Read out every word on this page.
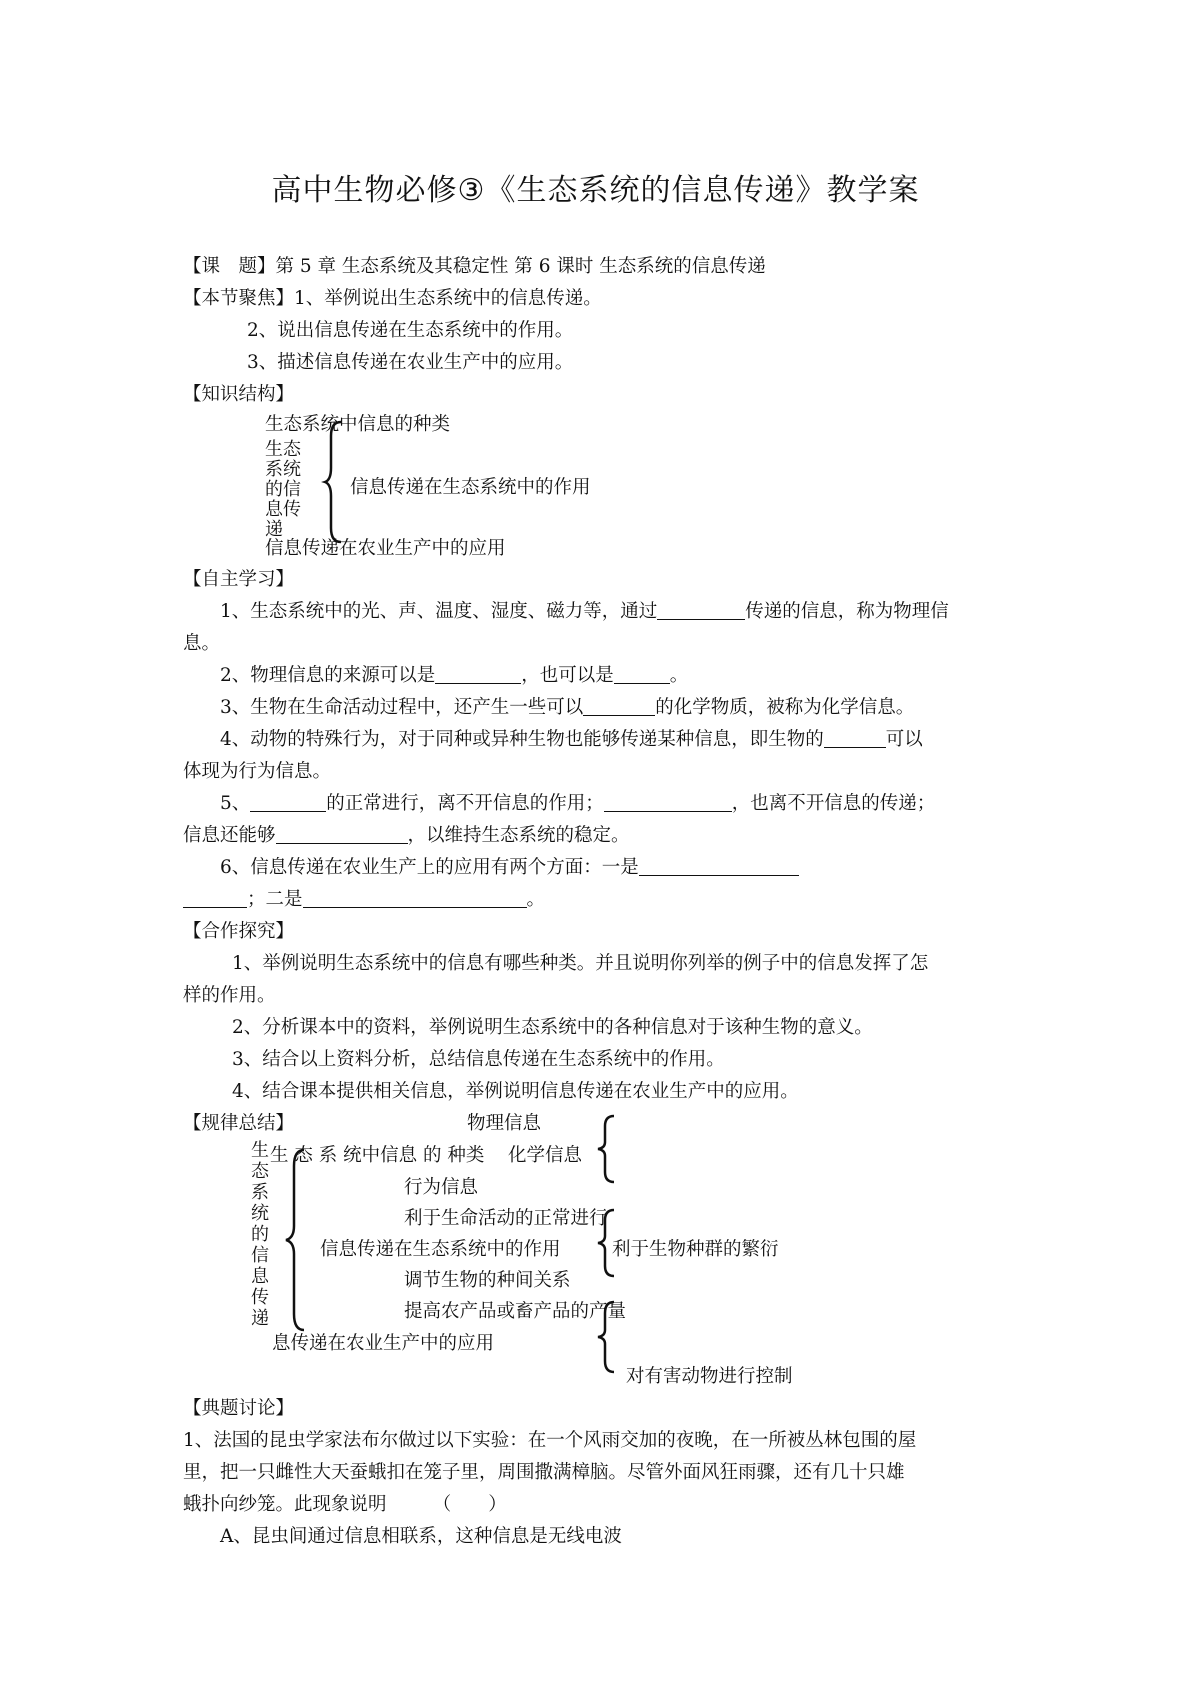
高中生物必修③《生态系统的信息传递》教学案
【课　题】第 5 章 生态系统及其稳定性 第 6 课时 生态系统的信息传递
【本节聚焦】1、举例说出生态系统中的信息传递。
2、说出信息传递在生态系统中的作用。
3、描述信息传递在农业生产中的应用。
【知识结构】
生态系统中信息的种类
生态系统的信息传递
信息传递在生态系统中的作用
信息传递在农业生产中的应用
【自主学习】
1、生态系统中的光、声、温度、湿度、磁力等，通过	传递的信息，称为物理信
息。
2、物理信息的来源可以是	，也可以是	。
3、生物在生命活动过程中，还产生一些可以	的化学物质，被称为化学信息。
4、动物的特殊行为，对于同种或异种生物也能够传递某种信息，即生物的	可以
体现为行为信息。
5、	的正常进行，离不开信息的作用；	，也离不开信息的传递；
信息还能够	，以维持生态系统的稳定。
6、信息传递在农业生产上的应用有两个方面：一是
；二是	。
【合作探究】
1、举例说明生态系统中的信息有哪些种类。并且说明你列举的例子中的信息发挥了怎
样的作用。
2、分析课本中的资料，举例说明生态系统中的各种信息对于该种生物的意义。
3、结合以上资料分析，总结信息传递在生态系统中的作用。
4、结合课本提供相关信息，举例说明信息传递在农业生产中的应用。
【规律总结】	物理信息
生态系统的信息传递
生 态 系 统中信息 的 种类 化学信息
行为信息
利于生命活动的正常进行
信息传递在生态系统中的作用	利于生物种群的繁衍
调节生物的种间关系
提高农产品或畜产品的产量
息传递在农业生产中的应用
对有害动物进行控制
【典题讨论】
1、法国的昆虫学家法布尔做过以下实验：在一个风雨交加的夜晚，在一所被丛林包围的屋
里，把一只雌性大天蚕蛾扣在笼子里，周围撒满樟脑。尽管外面风狂雨骤，还有几十只雄
蛾扑向纱笼。此现象说明　　　（　　）
A、昆虫间通过信息相联系，这种信息是无线电波
